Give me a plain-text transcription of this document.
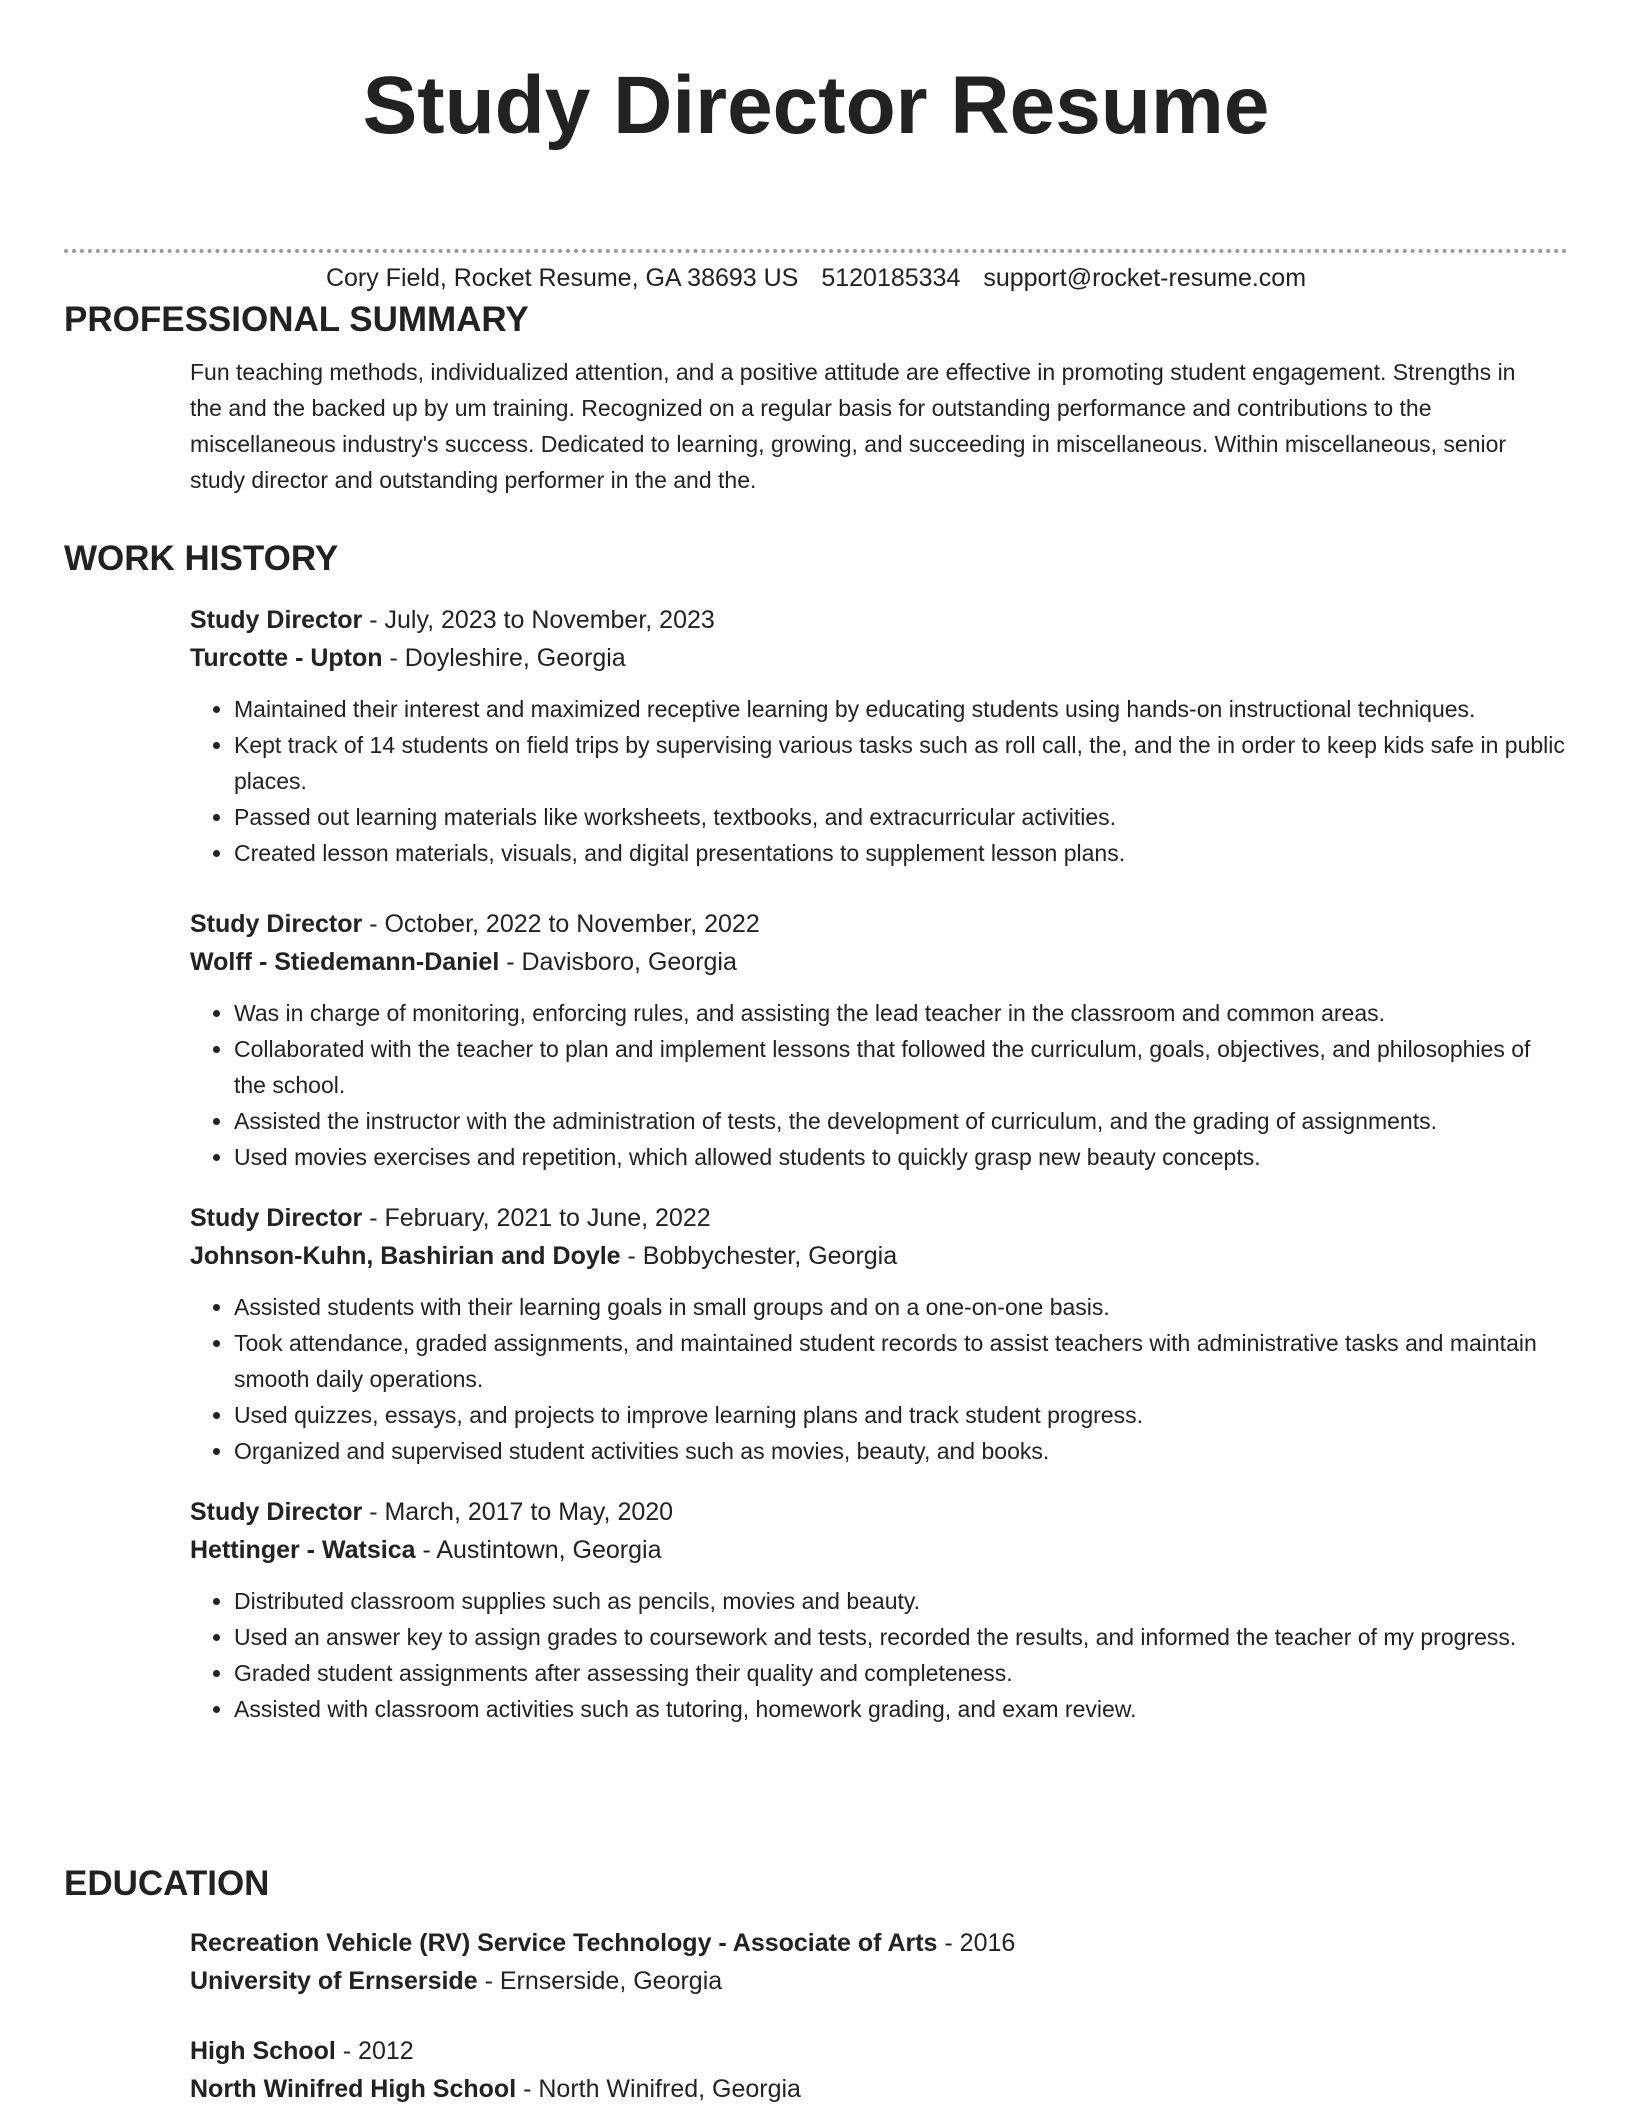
Study Director Resume
Cory Field, Rocket Resume, GA 38693 US 5120185334 support@rocket-resume.com
PROFESSIONAL SUMMARY

Fun teaching methods, individualized attention, and a positive attitude are effective in promoting student engagement. Strengths in the and the backed up by um training. Recognized on a regular basis for outstanding performance and contributions to the miscellaneous industry's success. Dedicated to learning, growing, and succeeding in miscellaneous. Within miscellaneous, senior study director and outstanding performer in the and the.

WORK HISTORY
Study Director - July, 2023 to November, 2023
Turcotte - Upton - Doyleshire, Georgia
• Maintained their interest and maximized receptive learning by educating students using hands-on instructional techniques.
• Kept track of 14 students on field trips by supervising various tasks such as roll call, the, and the in order to keep kids safe in public places.
• Passed out learning materials like worksheets, textbooks, and extracurricular activities.
• Created lesson materials, visuals, and digital presentations to supplement lesson plans.
Study Director - October, 2022 to November, 2022
Wolff - Stiedemann-Daniel - Davisboro, Georgia
• Was in charge of monitoring, enforcing rules, and assisting the lead teacher in the classroom and common areas.
• Collaborated with the teacher to plan and implement lessons that followed the curriculum, goals, objectives, and philosophies of the school.
• Assisted the instructor with the administration of tests, the development of curriculum, and the grading of assignments.
• Used movies exercises and repetition, which allowed students to quickly grasp new beauty concepts.
Study Director - February, 2021 to June, 2022
Johnson-Kuhn, Bashirian and Doyle - Bobbychester, Georgia
• Assisted students with their learning goals in small groups and on a one-on-one basis.
• Took attendance, graded assignments, and maintained student records to assist teachers with administrative tasks and maintain smooth daily operations.
• Used quizzes, essays, and projects to improve learning plans and track student progress.
• Organized and supervised student activities such as movies, beauty, and books.
Study Director - March, 2017 to May, 2020
Hettinger - Watsica - Austintown, Georgia
• Distributed classroom supplies such as pencils, movies and beauty.
• Used an answer key to assign grades to coursework and tests, recorded the results, and informed the teacher of my progress.
• Graded student assignments after assessing their quality and completeness.
• Assisted with classroom activities such as tutoring, homework grading, and exam review.
EDUCATION
Recreation Vehicle (RV) Service Technology - Associate of Arts - 2016
University of Ernserside - Ernserside, Georgia
High School - 2012
North Winifred High School - North Winifred, Georgia
